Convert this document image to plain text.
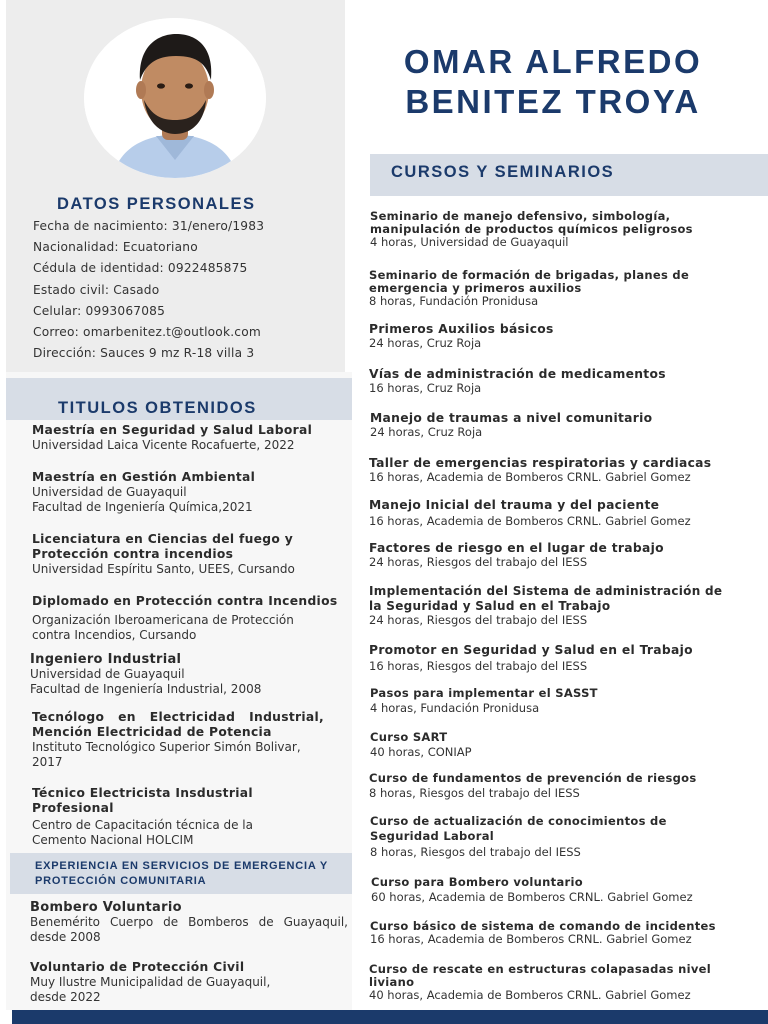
DATOS PERSONALES
Fecha de nacimiento: 31/enero/1983
Nacionalidad: Ecuatoriano
Cédula de identidad: 0922485875
Estado civil: Casado
Celular: 0993067085
Correo: omarbenitez.t@outlook.com
Dirección: Sauces 9 mz R-18 villa 3
TITULOS OBTENIDOS
Maestría en Seguridad y Salud Laboral
Universidad Laica Vicente Rocafuerte, 2022
Maestría en Gestión Ambiental
Universidad de Guayaquil
Facultad de Ingeniería Química,2021
Licenciatura en Ciencias del fuego y
Protección contra incendios
Universidad Espíritu Santo, UEES, Cursando
Diplomado en Protección contra Incendios
Organización Iberoamericana de Protección
contra Incendios, Cursando
Ingeniero Industrial
Universidad de Guayaquil
Facultad de Ingeniería Industrial, 2008
Tecnólogo en Electricidad Industrial,
Mención Electricidad de Potencia
Instituto Tecnológico Superior Simón Bolivar,
2017
Técnico Electricista Insdustrial
Profesional
Centro de Capacitación técnica de la
Cemento Nacional HOLCIM
EXPERIENCIA EN SERVICIOS DE EMERGENCIA Y
PROTECCIÓN COMUNITARIA
Bombero Voluntario
Benemérito Cuerpo de Bomberos de Guayaquil,
desde 2008
Voluntario de Protección Civil
Muy Ilustre Municipalidad de Guayaquil,
desde 2022
OMAR ALFREDO
BENITEZ TROYA
CURSOS Y SEMINARIOS
Seminario de manejo defensivo, simbología,
manipulación de productos químicos peligrosos
4 horas, Universidad de Guayaquil
Seminario de formación de brigadas, planes de
emergencia y primeros auxilios
8 horas, Fundación Pronidusa
Primeros Auxilios básicos
24 horas, Cruz Roja
Vías de administración de medicamentos
16 horas, Cruz Roja
Manejo de traumas a nivel comunitario
24 horas, Cruz Roja
Taller de emergencias respiratorias y cardiacas
16 horas, Academia de Bomberos CRNL. Gabriel Gomez
Manejo Inicial del trauma y del paciente
16 horas, Academia de Bomberos CRNL. Gabriel Gomez
Factores de riesgo en el lugar de trabajo
24 horas, Riesgos del trabajo del IESS
Implementación del Sistema de administración de
la Seguridad y Salud en el Trabajo
24 horas, Riesgos del trabajo del IESS
Promotor en Seguridad y Salud en el Trabajo
16 horas, Riesgos del trabajo del IESS
Pasos para implementar el SASST
4 horas, Fundación Pronidusa
Curso SART
40 horas, CONIAP
Curso de fundamentos de prevención de riesgos
8 horas, Riesgos del trabajo del IESS
Curso de actualización de conocimientos de
Seguridad Laboral
8 horas, Riesgos del trabajo del IESS
Curso para Bombero voluntario
60 horas, Academia de Bomberos CRNL. Gabriel Gomez
Curso básico de sistema de comando de incidentes
16 horas, Academia de Bomberos CRNL. Gabriel Gomez
Curso de rescate en estructuras colapasadas nivel
liviano
40 horas, Academia de Bomberos CRNL. Gabriel Gomez
